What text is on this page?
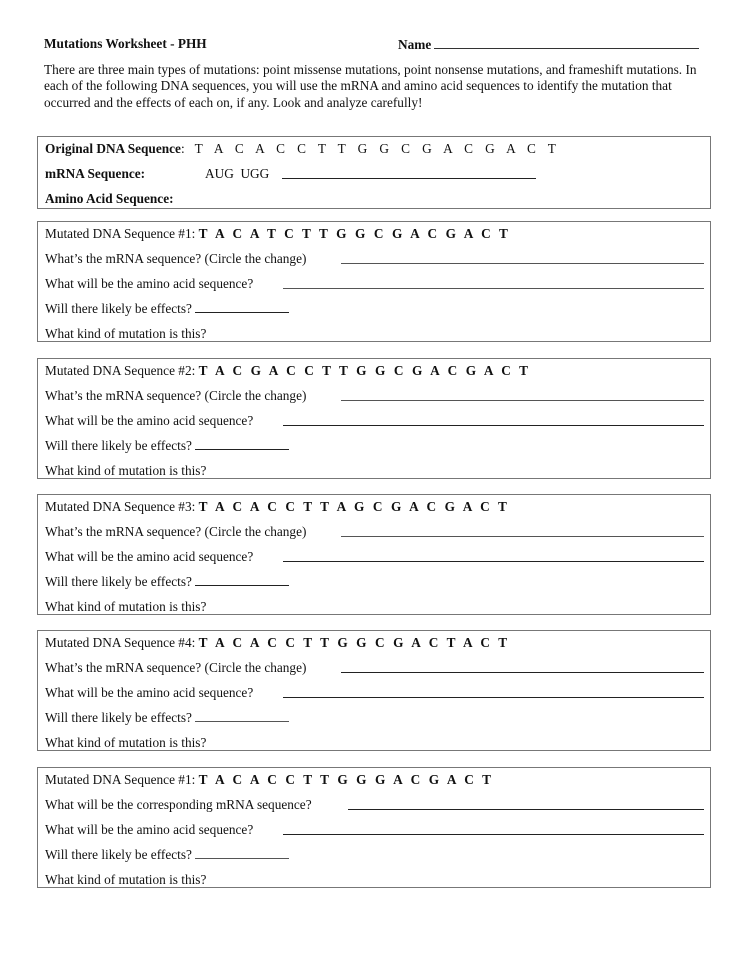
Mutations Worksheet - PHH	Name
There are three main types of mutations: point missense mutations, point nonsense mutations, and frameshift mutations. In each of the following DNA sequences, you will use the mRNA and amino acid sequences to identify the mutation that occurred and the effects of each on, if any. Look and analyze carefully!
Original DNA Sequence:   T A C A C C T T G G C G A C G A C T
mRNA Sequence:	AUG  UGG
Amino Acid Sequence:
Mutated DNA Sequence #1: T A C A T C T T G G C G A C G A C T
What’s the mRNA sequence? (Circle the change)
What will be the amino acid sequence?
Will there likely be effects?
What kind of mutation is this?
Mutated DNA Sequence #2: T A C G A C C T T G G C G A C G A C T
What’s the mRNA sequence? (Circle the change)
What will be the amino acid sequence?
Will there likely be effects?
What kind of mutation is this?
Mutated DNA Sequence #3: T A C A C C T T A G C G A C G A C T
What’s the mRNA sequence? (Circle the change)
What will be the amino acid sequence?
Will there likely be effects?
What kind of mutation is this?
Mutated DNA Sequence #4: T A C A C C T T G G C G A C T A C T
What’s the mRNA sequence? (Circle the change)
What will be the amino acid sequence?
Will there likely be effects?
What kind of mutation is this?
Mutated DNA Sequence #1: T A C A C C T T G G G A C G A C T
What will be the corresponding mRNA sequence?
What will be the amino acid sequence?
Will there likely be effects?
What kind of mutation is this?
